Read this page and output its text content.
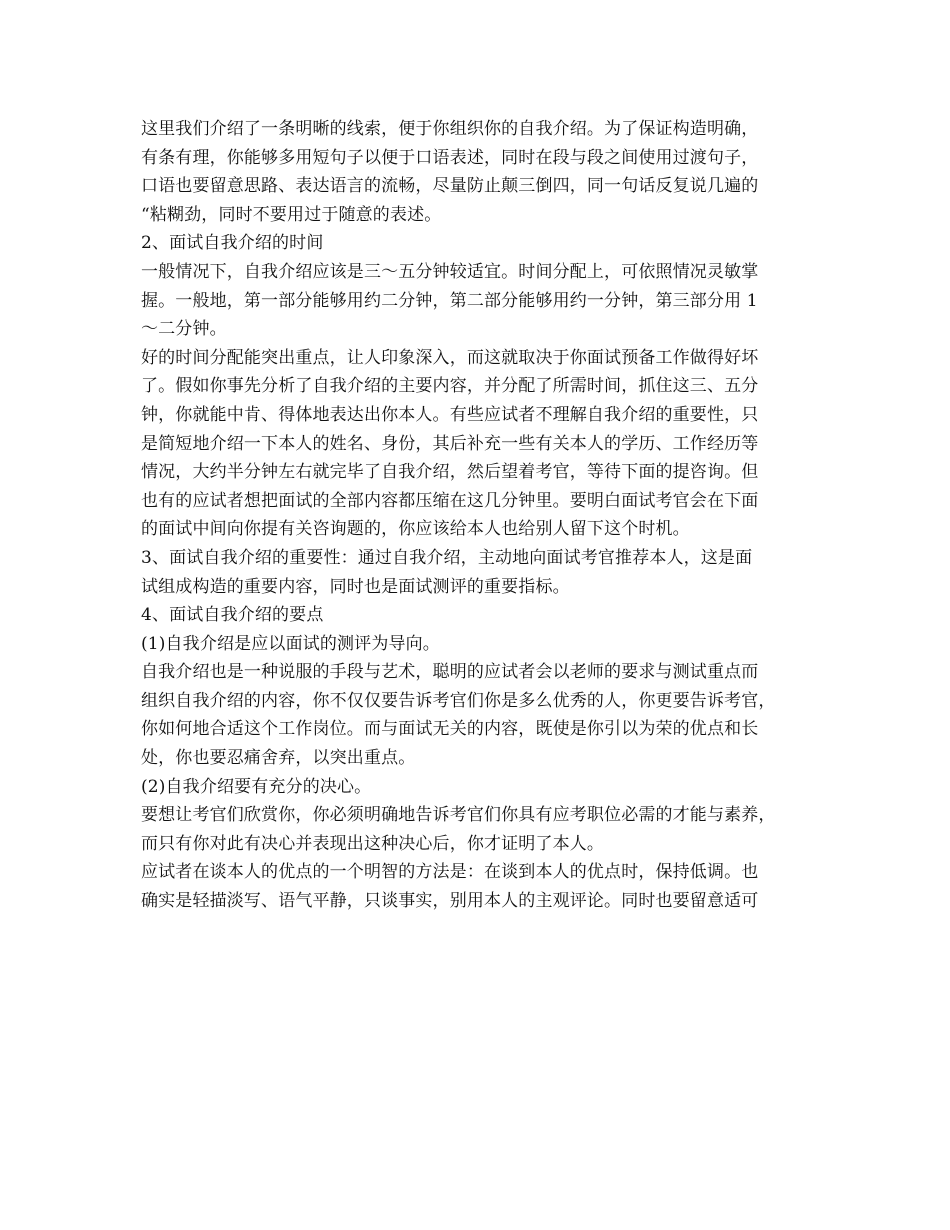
这里我们介绍了一条明晰的线索，便于你组织你的自我介绍。为了保证构造明确，
有条有理，你能够多用短句子以便于口语表述，同时在段与段之间使用过渡句子，
口语也要留意思路、表达语言的流畅，尽量防止颠三倒四，同一句话反复说几遍的
“粘糊劲，同时不要用过于随意的表述。
2、面试自我介绍的时间
一般情况下，自我介绍应该是三～五分钟较适宜。时间分配上，可依照情况灵敏掌
握。一般地，第一部分能够用约二分钟，第二部分能够用约一分钟，第三部分用 1
～二分钟。
好的时间分配能突出重点，让人印象深入，而这就取决于你面试预备工作做得好坏
了。假如你事先分析了自我介绍的主要内容，并分配了所需时间，抓住这三、五分
钟，你就能中肯、得体地表达出你本人。有些应试者不理解自我介绍的重要性，只
是简短地介绍一下本人的姓名、身份，其后补充一些有关本人的学历、工作经历等
情况，大约半分钟左右就完毕了自我介绍，然后望着考官，等待下面的提咨询。但
也有的应试者想把面试的全部内容都压缩在这几分钟里。要明白面试考官会在下面
的面试中间向你提有关咨询题的，你应该给本人也给别人留下这个时机。
3、面试自我介绍的重要性：通过自我介绍，主动地向面试考官推荐本人，这是面
试组成构造的重要内容，同时也是面试测评的重要指标。
4、面试自我介绍的要点
(1)自我介绍是应以面试的测评为导向。
自我介绍也是一种说服的手段与艺术，聪明的应试者会以老师的要求与测试重点而
组织自我介绍的内容，你不仅仅要告诉考官们你是多么优秀的人，你更要告诉考官，
你如何地合适这个工作岗位。而与面试无关的内容，既使是你引以为荣的优点和长
处，你也要忍痛舍弃，以突出重点。
(2)自我介绍要有充分的决心。
要想让考官们欣赏你，你必须明确地告诉考官们你具有应考职位必需的才能与素养，
而只有你对此有决心并表现出这种决心后，你才证明了本人。
应试者在谈本人的优点的一个明智的方法是：在谈到本人的优点时，保持低调。也
确实是轻描淡写、语气平静，只谈事实，别用本人的主观评论。同时也要留意适可
